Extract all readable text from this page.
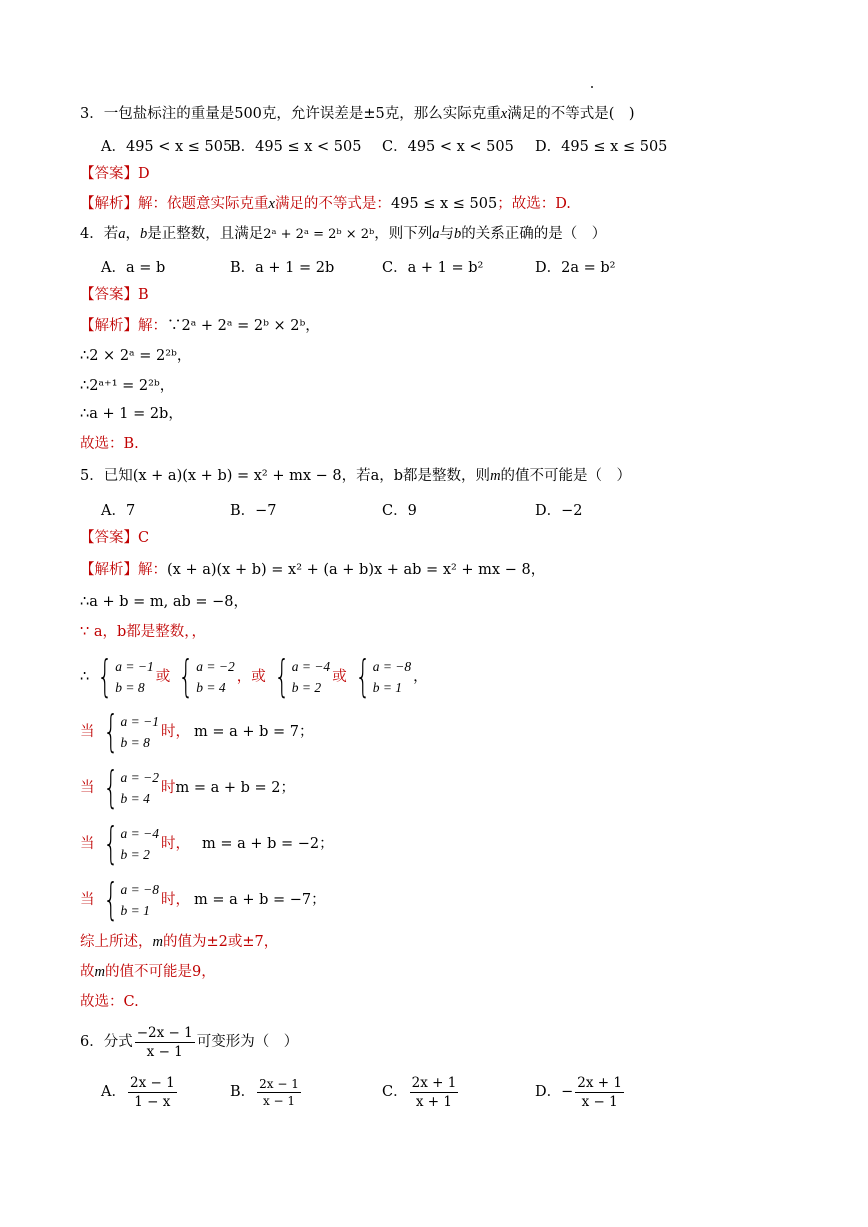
3．一包盐标注的重量是500克，允许误差是±5克，那么实际克重x满足的不等式是(　)
A．495 < x ≤ 505
B．495 ≤ x < 505 C．495 < x < 505 D．495 ≤ x ≤ 505
【答案】D
【解析】解：依题意实际克重x满足的不等式是：495 ≤ x ≤ 505；故选：D.
4．若a，b是正整数，且满足2ᵃ + 2ᵃ = 2ᵇ × 2ᵇ，则下列a与b的关系正确的是（　）
A．a = b	B．a + 1 = 2b	C．a + 1 = b²	D．2a = b²
【答案】B
【解析】解：∵2ᵃ + 2ᵃ = 2ᵇ × 2ᵇ，
∴2 × 2ᵃ = 2²ᵇ，
∴2ᵃ⁺¹ = 2²ᵇ，
∴a + 1 = 2b，
故选：B.
5．已知(x + a)(x + b) = x² + mx − 8，若a，b都是整数，则m的值不可能是（　）
A．7	B．−7	C．9	D．−2
【答案】C
【解析】解：(x + a)(x + b) = x² + (a + b)x + ab = x² + mx − 8，
∴a + b = m, ab = −8，
∵ a，b都是整数，，
∴ { a = −1
b = 8
或 { a = −2
b = 4
，或 { a = −4
b = 2
或 { a = −8
b = 1
，
当 { a = −1
b = 8
时， m = a + b = 7；
当 { a = −2
b = 4
时 m = a + b = 2；
当 { a = −4
b = 2
时， m = a + b = −2；
当 { a = −8
b = 1
时， m = a + b = −7；
综上所述，m的值为±2或±7，
故m的值不可能是9，
故选：C.
6．分式 $\frac{-2x - 1}{x - 1}$ 可变形为（　）
A． $\frac{2x - 1}{1 - x}$	B． $\frac{2x - 1}{x - 1}$	C． $\frac{2x + 1}{x + 1}$	D． − $\frac{2x + 1}{x - 1}$
